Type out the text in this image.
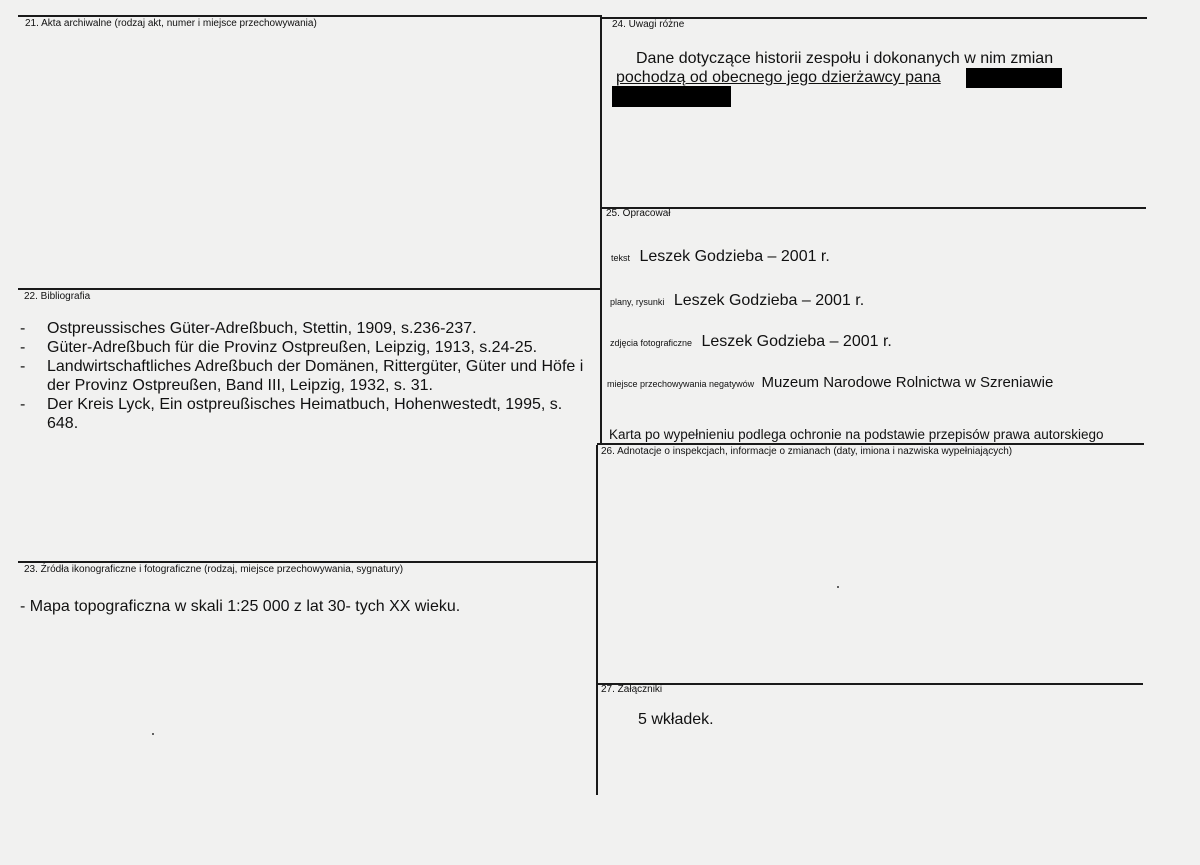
21. Akta archiwalne (rodzaj akt, numer i miejsce przechowywania)
22. Bibliografia
- Ostpreussisches Güter-Adreßbuch, Stettin, 1909, s.236-237.
- Güter-Adreßbuch für die Provinz Ostpreußen, Leipzig, 1913, s.24-25.
- Landwirtschaftliches Adreßbuch der Domänen, Rittergüter, Güter und Höfe i der Provinz Ostpreußen, Band III, Leipzig, 1932, s. 31.
- Der Kreis Lyck, Ein ostpreußisches Heimatbuch, Hohenwestedt, 1995, s. 648.
23. Źródła ikonograficzne i fotograficzne (rodzaj, miejsce przechowywania, sygnatury)
- Mapa topograficzna w skali 1:25 000 z lat 30- tych XX wieku.
24. Uwagi różne
Dane dotyczące historii zespołu i dokonanych w nim zmian
pochodzą od obecnego jego dzierżawcy pana
25. Opracował
tekst Leszek Godzieba – 2001 r.
plany, rysunki Leszek Godzieba – 2001 r.
zdjęcia fotograficzne Leszek Godzieba – 2001 r.
miejsce przechowywania negatywów Muzeum Narodowe Rolnictwa w Szreniawie
Karta po wypełnieniu podlega ochronie na podstawie przepisów prawa autorskiego
26. Adnotacje o inspekcjach, informacje o zmianach (daty, imiona i nazwiska wypełniających)
27. Załączniki
5 wkładek.
